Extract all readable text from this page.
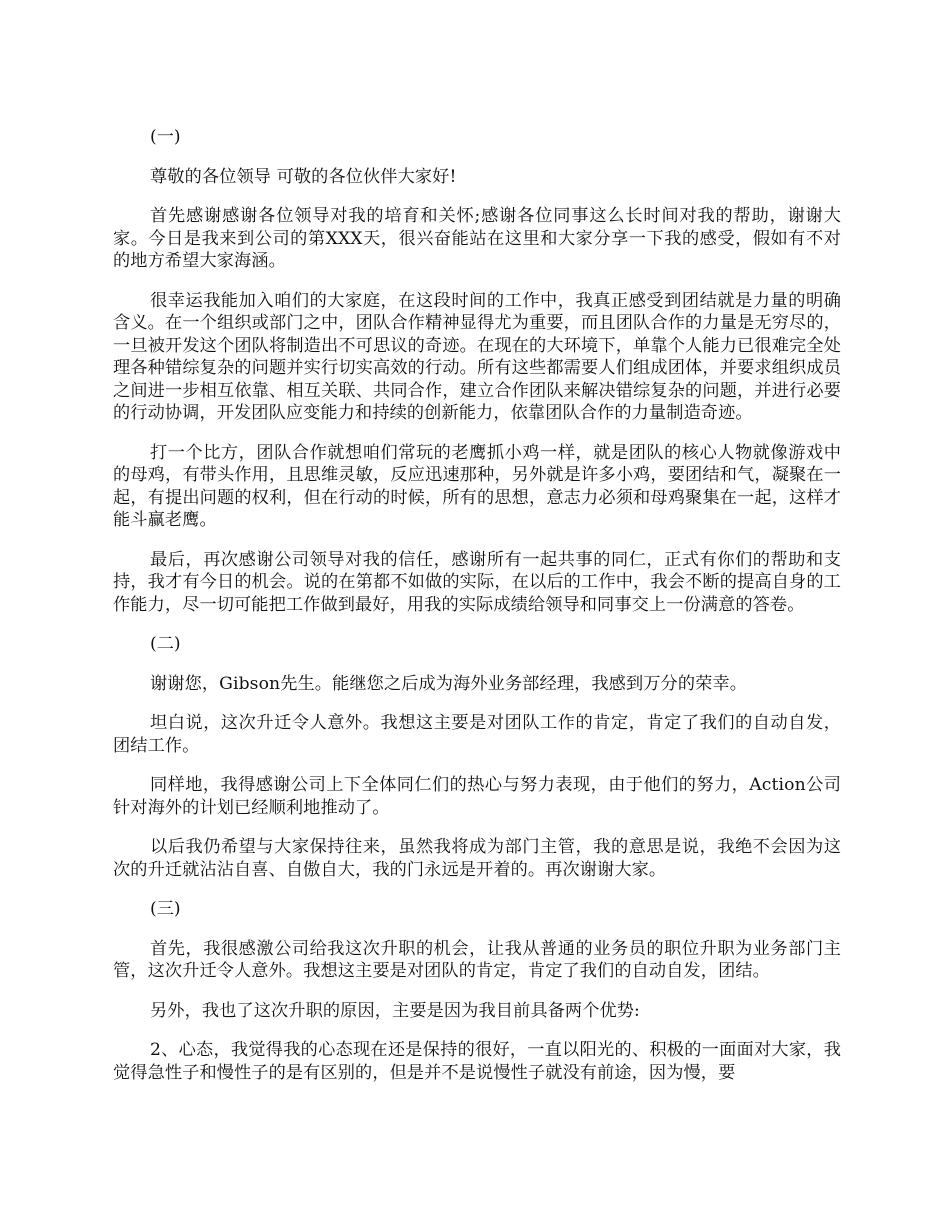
(一)

尊敬的各位领导 可敬的各位伙伴大家好!

首先感谢感谢各位领导对我的培育和关怀;感谢各位同事这么长时间对我的帮助，谢谢大家。今日是我来到公司的第XXX天，很兴奋能站在这里和大家分享一下我的感受，假如有不对的地方希望大家海涵。

很幸运我能加入咱们的大家庭，在这段时间的工作中，我真正感受到团结就是力量的明确含义。在一个组织或部门之中，团队合作精神显得尤为重要，而且团队合作的力量是无穷尽的，一旦被开发这个团队将制造出不可思议的奇迹。在现在的大环境下，单靠个人能力已很难完全处理各种错综复杂的问题并实行切实高效的行动。所有这些都需要人们组成团体，并要求组织成员之间进一步相互依靠、相互关联、共同合作，建立合作团队来解决错综复杂的问题，并进行必要的行动协调，开发团队应变能力和持续的创新能力，依靠团队合作的力量制造奇迹。

打一个比方，团队合作就想咱们常玩的老鹰抓小鸡一样，就是团队的核心人物就像游戏中的母鸡，有带头作用，且思维灵敏，反应迅速那种，另外就是许多小鸡，要团结和气，凝聚在一起，有提出问题的权利，但在行动的时候，所有的思想，意志力必须和母鸡聚集在一起，这样才能斗赢老鹰。

最后，再次感谢公司领导对我的信任，感谢所有一起共事的同仁，正式有你们的帮助和支持，我才有今日的机会。说的在第都不如做的实际，在以后的工作中，我会不断的提高自身的工作能力，尽一切可能把工作做到最好，用我的实际成绩给领导和同事交上一份满意的答卷。

(二)

谢谢您，Gibson先生。能继您之后成为海外业务部经理，我感到万分的荣幸。

坦白说，这次升迁令人意外。我想这主要是对团队工作的肯定，肯定了我们的自动自发，团结工作。

同样地，我得感谢公司上下全体同仁们的热心与努力表现，由于他们的努力，Action公司针对海外的计划已经顺利地推动了。

以后我仍希望与大家保持往来，虽然我将成为部门主管，我的意思是说，我绝不会因为这次的升迁就沾沾自喜、自傲自大，我的门永远是开着的。再次谢谢大家。

(三)

首先，我很感激公司给我这次升职的机会，让我从普通的业务员的职位升职为业务部门主管，这次升迁令人意外。我想这主要是对团队的肯定，肯定了我们的自动自发，团结。

另外，我也了这次升职的原因，主要是因为我目前具备两个优势:

2、心态，我觉得我的心态现在还是保持的很好，一直以阳光的、积极的一面面对大家，我觉得急性子和慢性子的是有区别的，但是并不是说慢性子就没有前途，因为慢，要
